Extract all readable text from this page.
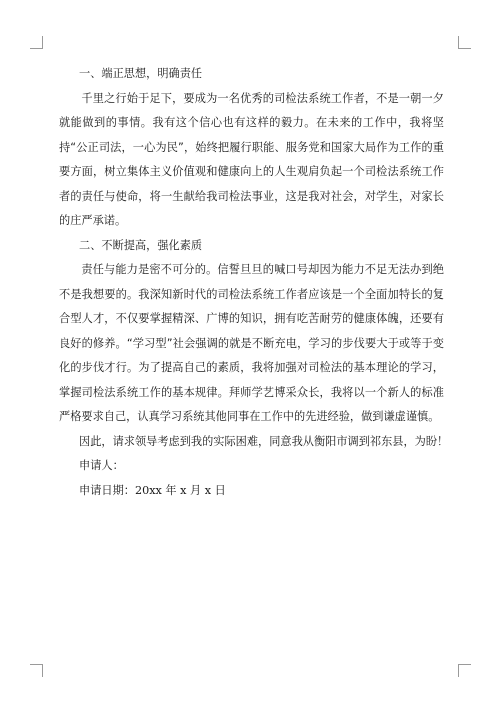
一、端正思想，明确责任

千里之行始于足下，要成为一名优秀的司检法系统工作者，不是一朝一夕就能做到的事情。我有这个信心也有这样的毅力。在未来的工作中，我将坚持“公正司法，一心为民”，始终把履行职能、服务党和国家大局作为工作的重要方面，树立集体主义价值观和健康向上的人生观肩负起一个司检法系统工作者的责任与使命，将一生献给我司检法事业，这是我对社会，对学生，对家长的庄严承诺。

二、不断提高，强化素质

责任与能力是密不可分的。信誓旦旦的喊口号却因为能力不足无法办到绝不是我想要的。我深知新时代的司检法系统工作者应该是一个全面加特长的复合型人才，不仅要掌握精深、广博的知识，拥有吃苦耐劳的健康体魄，还要有良好的修养。“学习型”社会强调的就是不断充电，学习的步伐要大于或等于变化的步伐才行。为了提高自己的素质，我将加强对司检法的基本理论的学习，掌握司检法系统工作的基本规律。拜师学艺博采众长，我将以一个新人的标准严格要求自己，认真学习系统其他同事在工作中的先进经验，做到谦虚谨慎。

因此，请求领导考虑到我的实际困难，同意我从衡阳市调到祁东县，为盼！

申请人：

申请日期：20xx 年 x 月 x 日
